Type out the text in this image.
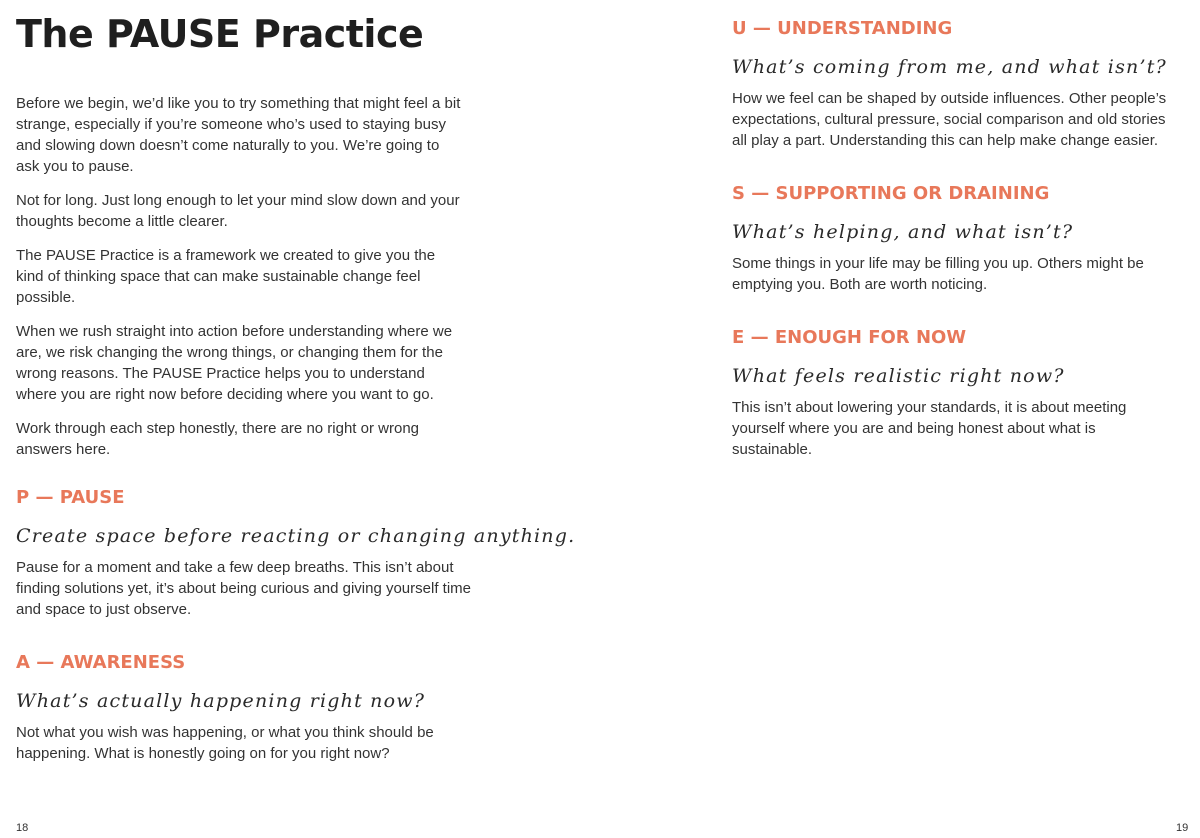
The PAUSE Practice

Before we begin, we’d like you to try something that might feel a bit strange, especially if you’re someone who’s used to staying busy and slowing down doesn’t come naturally to you. We’re going to ask you to pause.

Not for long. Just long enough to let your mind slow down and your thoughts become a little clearer.

The PAUSE Practice is a framework we created to give you the kind of thinking space that can make sustainable change feel possible.

When we rush straight into action before understanding where we are, we risk changing the wrong things, or changing them for the wrong reasons. The PAUSE Practice helps you to understand where you are right now before deciding where you want to go.

Work through each step honestly, there are no right or wrong answers here.

P — PAUSE
Create space before reacting or changing anything.

Pause for a moment and take a few deep breaths. This isn’t about finding solutions yet, it’s about being curious and giving yourself time and space to just observe.

A — AWARENESS
What’s actually happening right now?

Not what you wish was happening, or what you think should be happening. What is honestly going on for you right now?

U — UNDERSTANDING
What’s coming from me, and what isn’t?

How we feel can be shaped by outside influences. Other people’s expectations, cultural pressure, social comparison and old stories all play a part. Understanding this can help make change easier.

S — SUPPORTING OR DRAINING
What’s helping, and what isn’t?

Some things in your life may be filling you up. Others might be emptying you. Both are worth noticing.

E — ENOUGH FOR NOW
What feels realistic right now?

This isn’t about lowering your standards, it is about meeting yourself where you are and being honest about what is sustainable.

18	19
